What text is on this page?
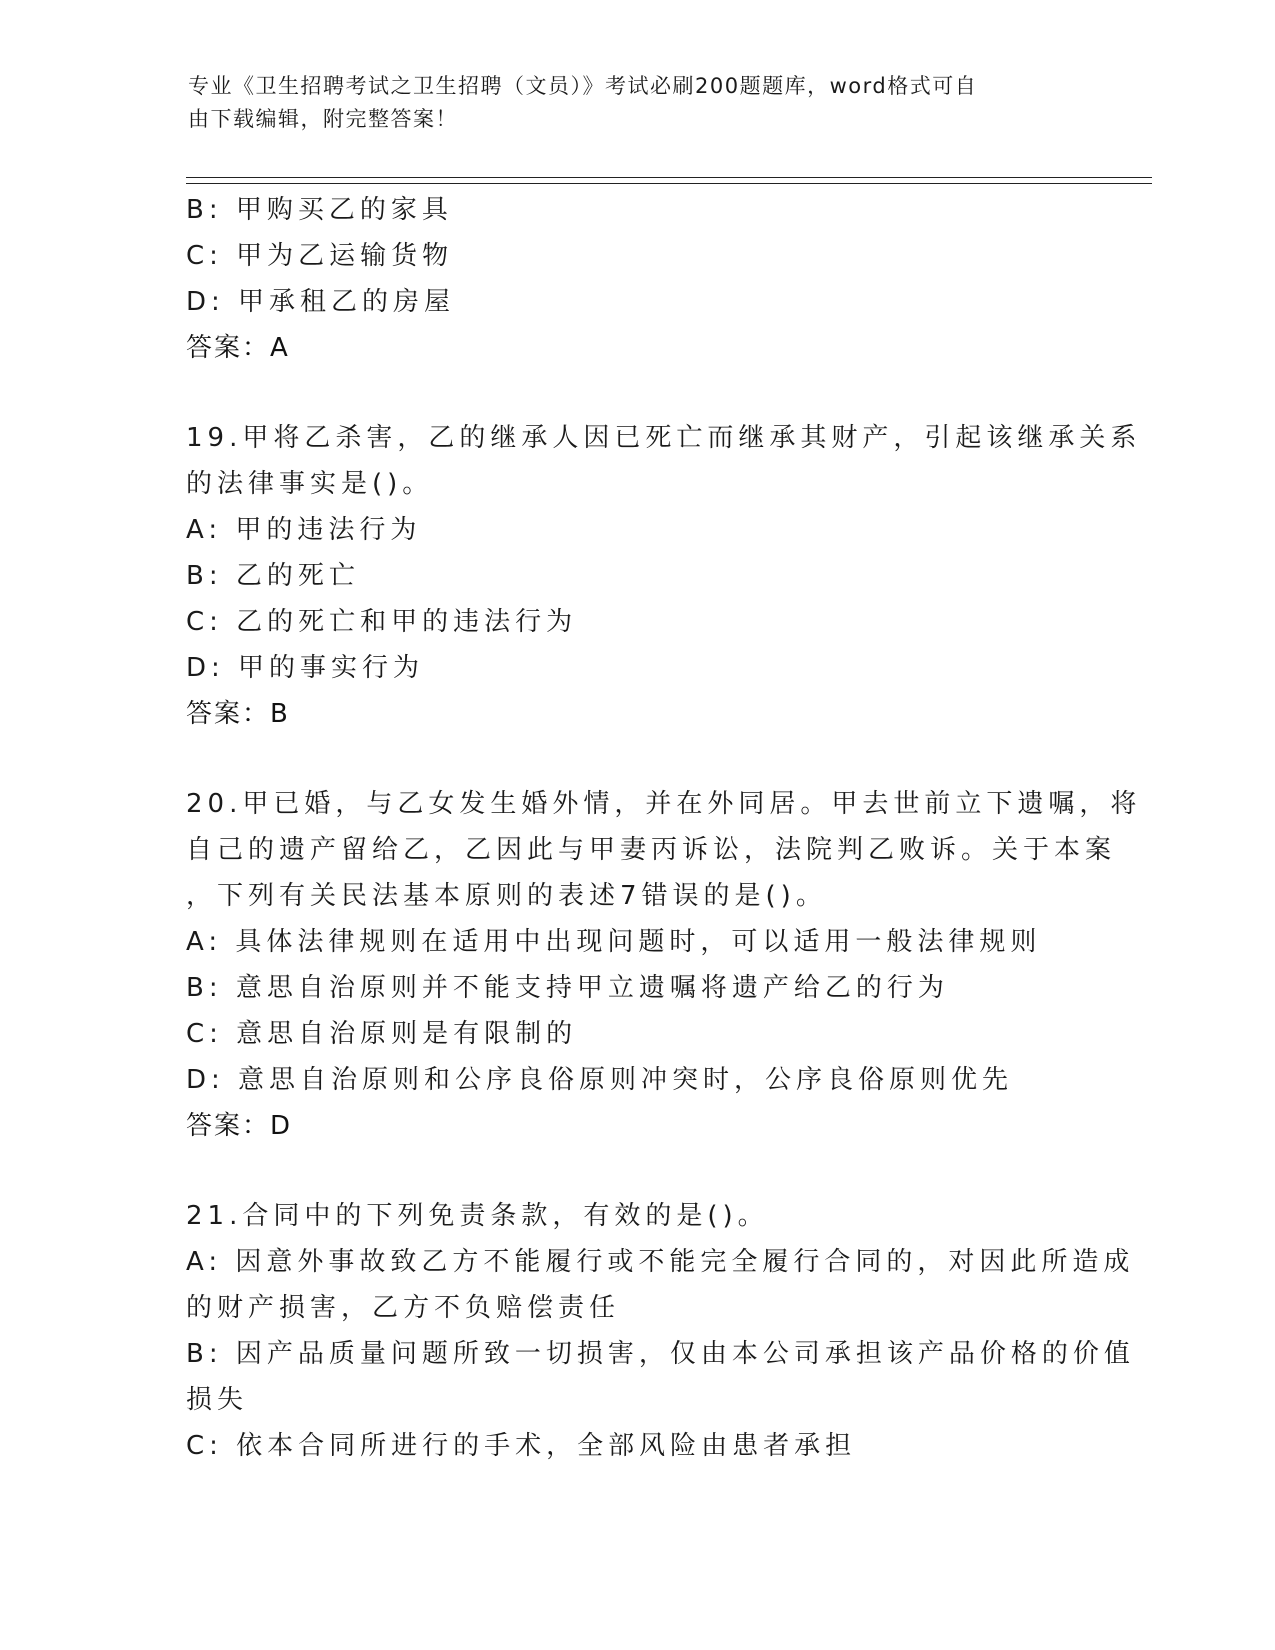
专业《卫生招聘考试之卫生招聘（文员）》考试必刷200题题库，word格式可自
由下载编辑，附完整答案！
B: 甲购买乙的家具
C: 甲为乙运输货物
D: 甲承租乙的房屋
答案：A
19.甲将乙杀害，乙的继承人因已死亡而继承其财产，引起该继承关系
的法律事实是()。
A: 甲的违法行为
B: 乙的死亡
C: 乙的死亡和甲的违法行为
D: 甲的事实行为
答案：B
20.甲已婚，与乙女发生婚外情，并在外同居。甲去世前立下遗嘱，将
自己的遗产留给乙，乙因此与甲妻丙诉讼，法院判乙败诉。关于本案
，下列有关民法基本原则的表述7错误的是()。
A: 具体法律规则在适用中出现问题时，可以适用一般法律规则
B: 意思自治原则并不能支持甲立遗嘱将遗产给乙的行为
C: 意思自治原则是有限制的
D: 意思自治原则和公序良俗原则冲突时，公序良俗原则优先
答案：D
21.合同中的下列免责条款，有效的是()。
A: 因意外事故致乙方不能履行或不能完全履行合同的，对因此所造成
的财产损害，乙方不负赔偿责任
B: 因产品质量问题所致一切损害，仅由本公司承担该产品价格的价值
损失
C: 依本合同所进行的手术，全部风险由患者承担
